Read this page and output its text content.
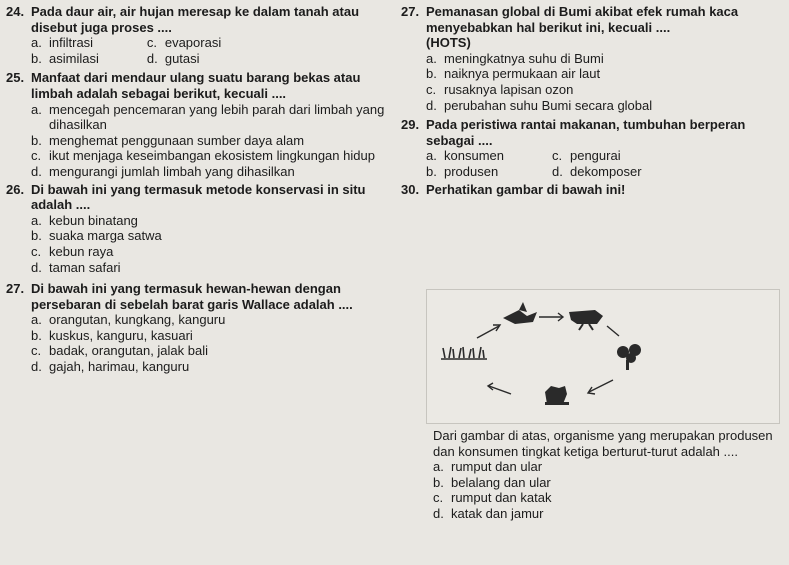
24. Pada daur air, air hujan meresap ke dalam tanah atau disebut juga proses ....
a. infiltrasi	c. evaporasi
b. asimilasi	d. gutasi
25. Manfaat dari mendaur ulang suatu barang bekas atau limbah adalah sebagai berikut, kecuali ....
a. mencegah pencemaran yang lebih parah dari limbah yang dihasilkan
b. menghemat penggunaan sumber daya alam
c. ikut menjaga keseimbangan ekosistem lingkungan hidup
d. mengurangi jumlah limbah yang dihasilkan
26. Di bawah ini yang termasuk metode konservasi in situ adalah ....
a. kebun binatang
b. suaka marga satwa
c. kebun raya
d. taman safari
27. Di bawah ini yang termasuk hewan-hewan dengan persebaran di sebelah barat garis Wallace adalah ....
a. orangutan, kungkang, kanguru
b. kuskus, kanguru, kasuari
c. badak, orangutan, jalak bali
d. gajah, harimau, kanguru
27. Pemanasan global di Bumi akibat efek rumah kaca menyebabkan hal berikut ini, kecuali ....
(HOTS)
a. meningkatnya suhu di Bumi
b. naiknya permukaan air laut
c. rusaknya lapisan ozon
d. perubahan suhu Bumi secara global
29. Pada peristiwa rantai makanan, tumbuhan berperan sebagai ....
a. konsumen	c. pengurai
b. produsen	d. dekomposer
30. Perhatikan gambar di bawah ini!
Dari gambar di atas, organisme yang merupakan produsen dan konsumen tingkat ketiga berturut-turut adalah ....
a. rumput dan ular
b. belalang dan ular
c. rumput dan katak
d. katak dan jamur
